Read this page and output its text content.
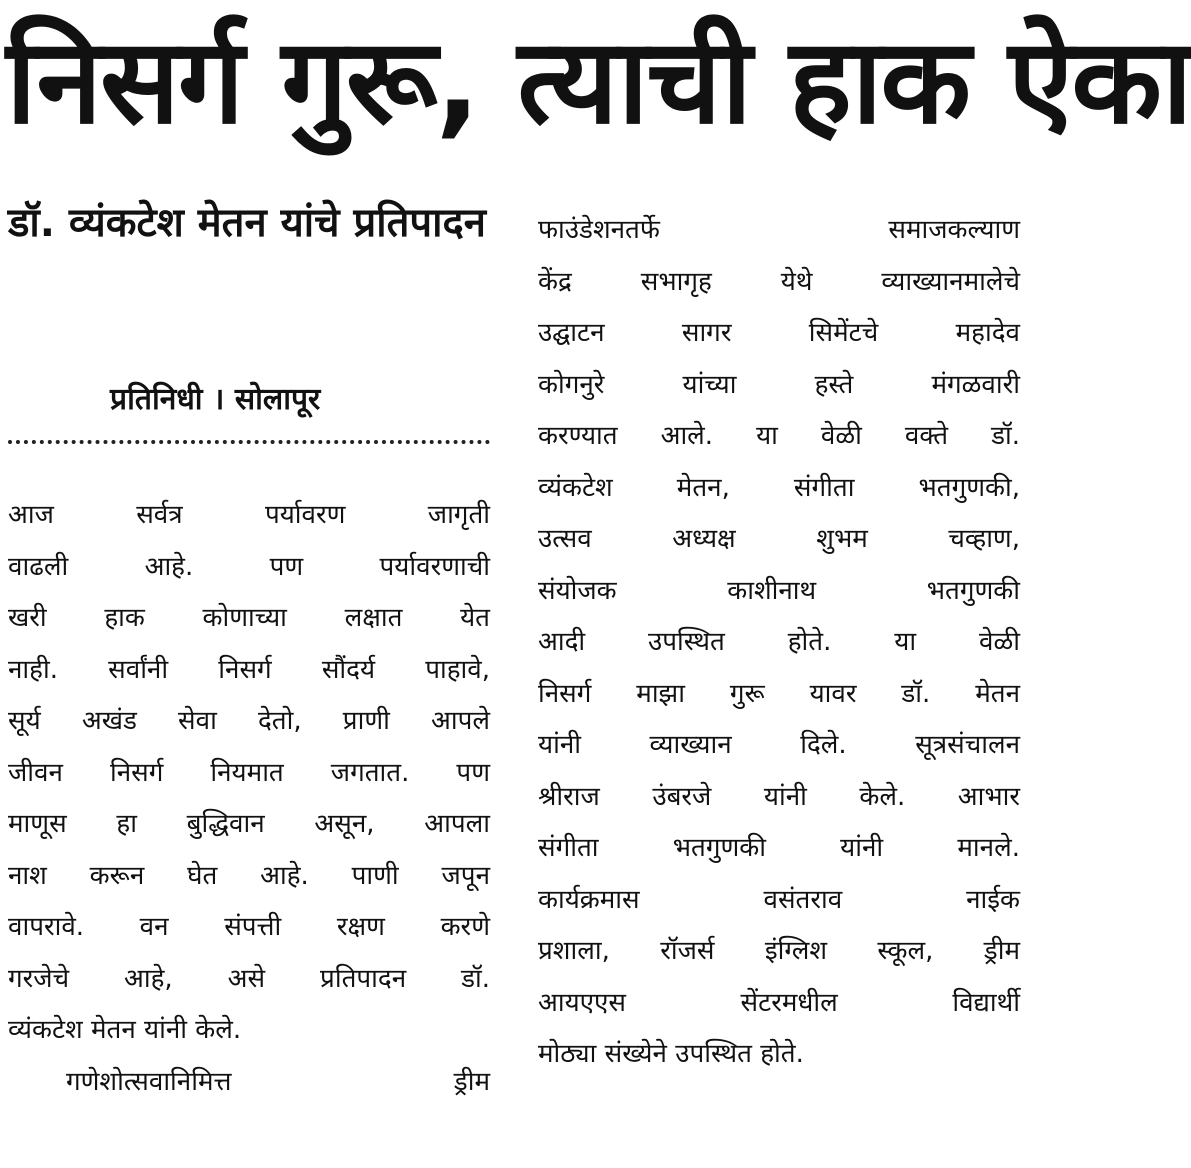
निसर्ग गुरू, त्याची हाक ऐका
डॉ. व्यंकटेश मेतन यांचे प्रतिपादन
प्रतिनिधी । सोलापूर
आज सर्वत्र पर्यावरण जागृती
वाढली आहे. पण पर्यावरणाची
खरी हाक कोणाच्या लक्षात येत
नाही. सर्वांनी निसर्ग सौंदर्य पाहावे,
सूर्य अखंड सेवा देतो, प्राणी आपले
जीवन निसर्ग नियमात जगतात. पण
माणूस हा बुद्धिवान असून, आपला
नाश करून घेत आहे. पाणी जपून
वापरावे. वन संपत्ती रक्षण करणे
गरजेचे आहे, असे प्रतिपादन डॉ.
व्यंकटेश मेतन यांनी केले.
गणेशोत्सवानिमित्त	ड्रीम
फाउंडेशनतर्फे समाजकल्याण
केंद्र सभागृह येथे व्याख्यानमालेचे
उद्घाटन सागर सिमेंटचे महादेव
कोगनुरे यांच्या हस्ते मंगळवारी
करण्यात आले. या वेळी वक्ते डॉ.
व्यंकटेश मेतन, संगीता भतगुणकी,
उत्सव अध्यक्ष शुभम चव्हाण,
संयोजक काशीनाथ भतगुणकी
आदी उपस्थित होते. या वेळी
निसर्ग माझा गुरू यावर डॉ. मेतन
यांनी व्याख्यान दिले. सूत्रसंचालन
श्रीराज उंबरजे यांनी केले. आभार
संगीता भतगुणकी यांनी मानले.
कार्यक्रमास वसंतराव नाईक
प्रशाला, रॉजर्स इंग्लिश स्कूल, ड्रीम
आयएएस सेंटरमधील विद्यार्थी
मोठ्या संख्येने उपस्थित होते.
